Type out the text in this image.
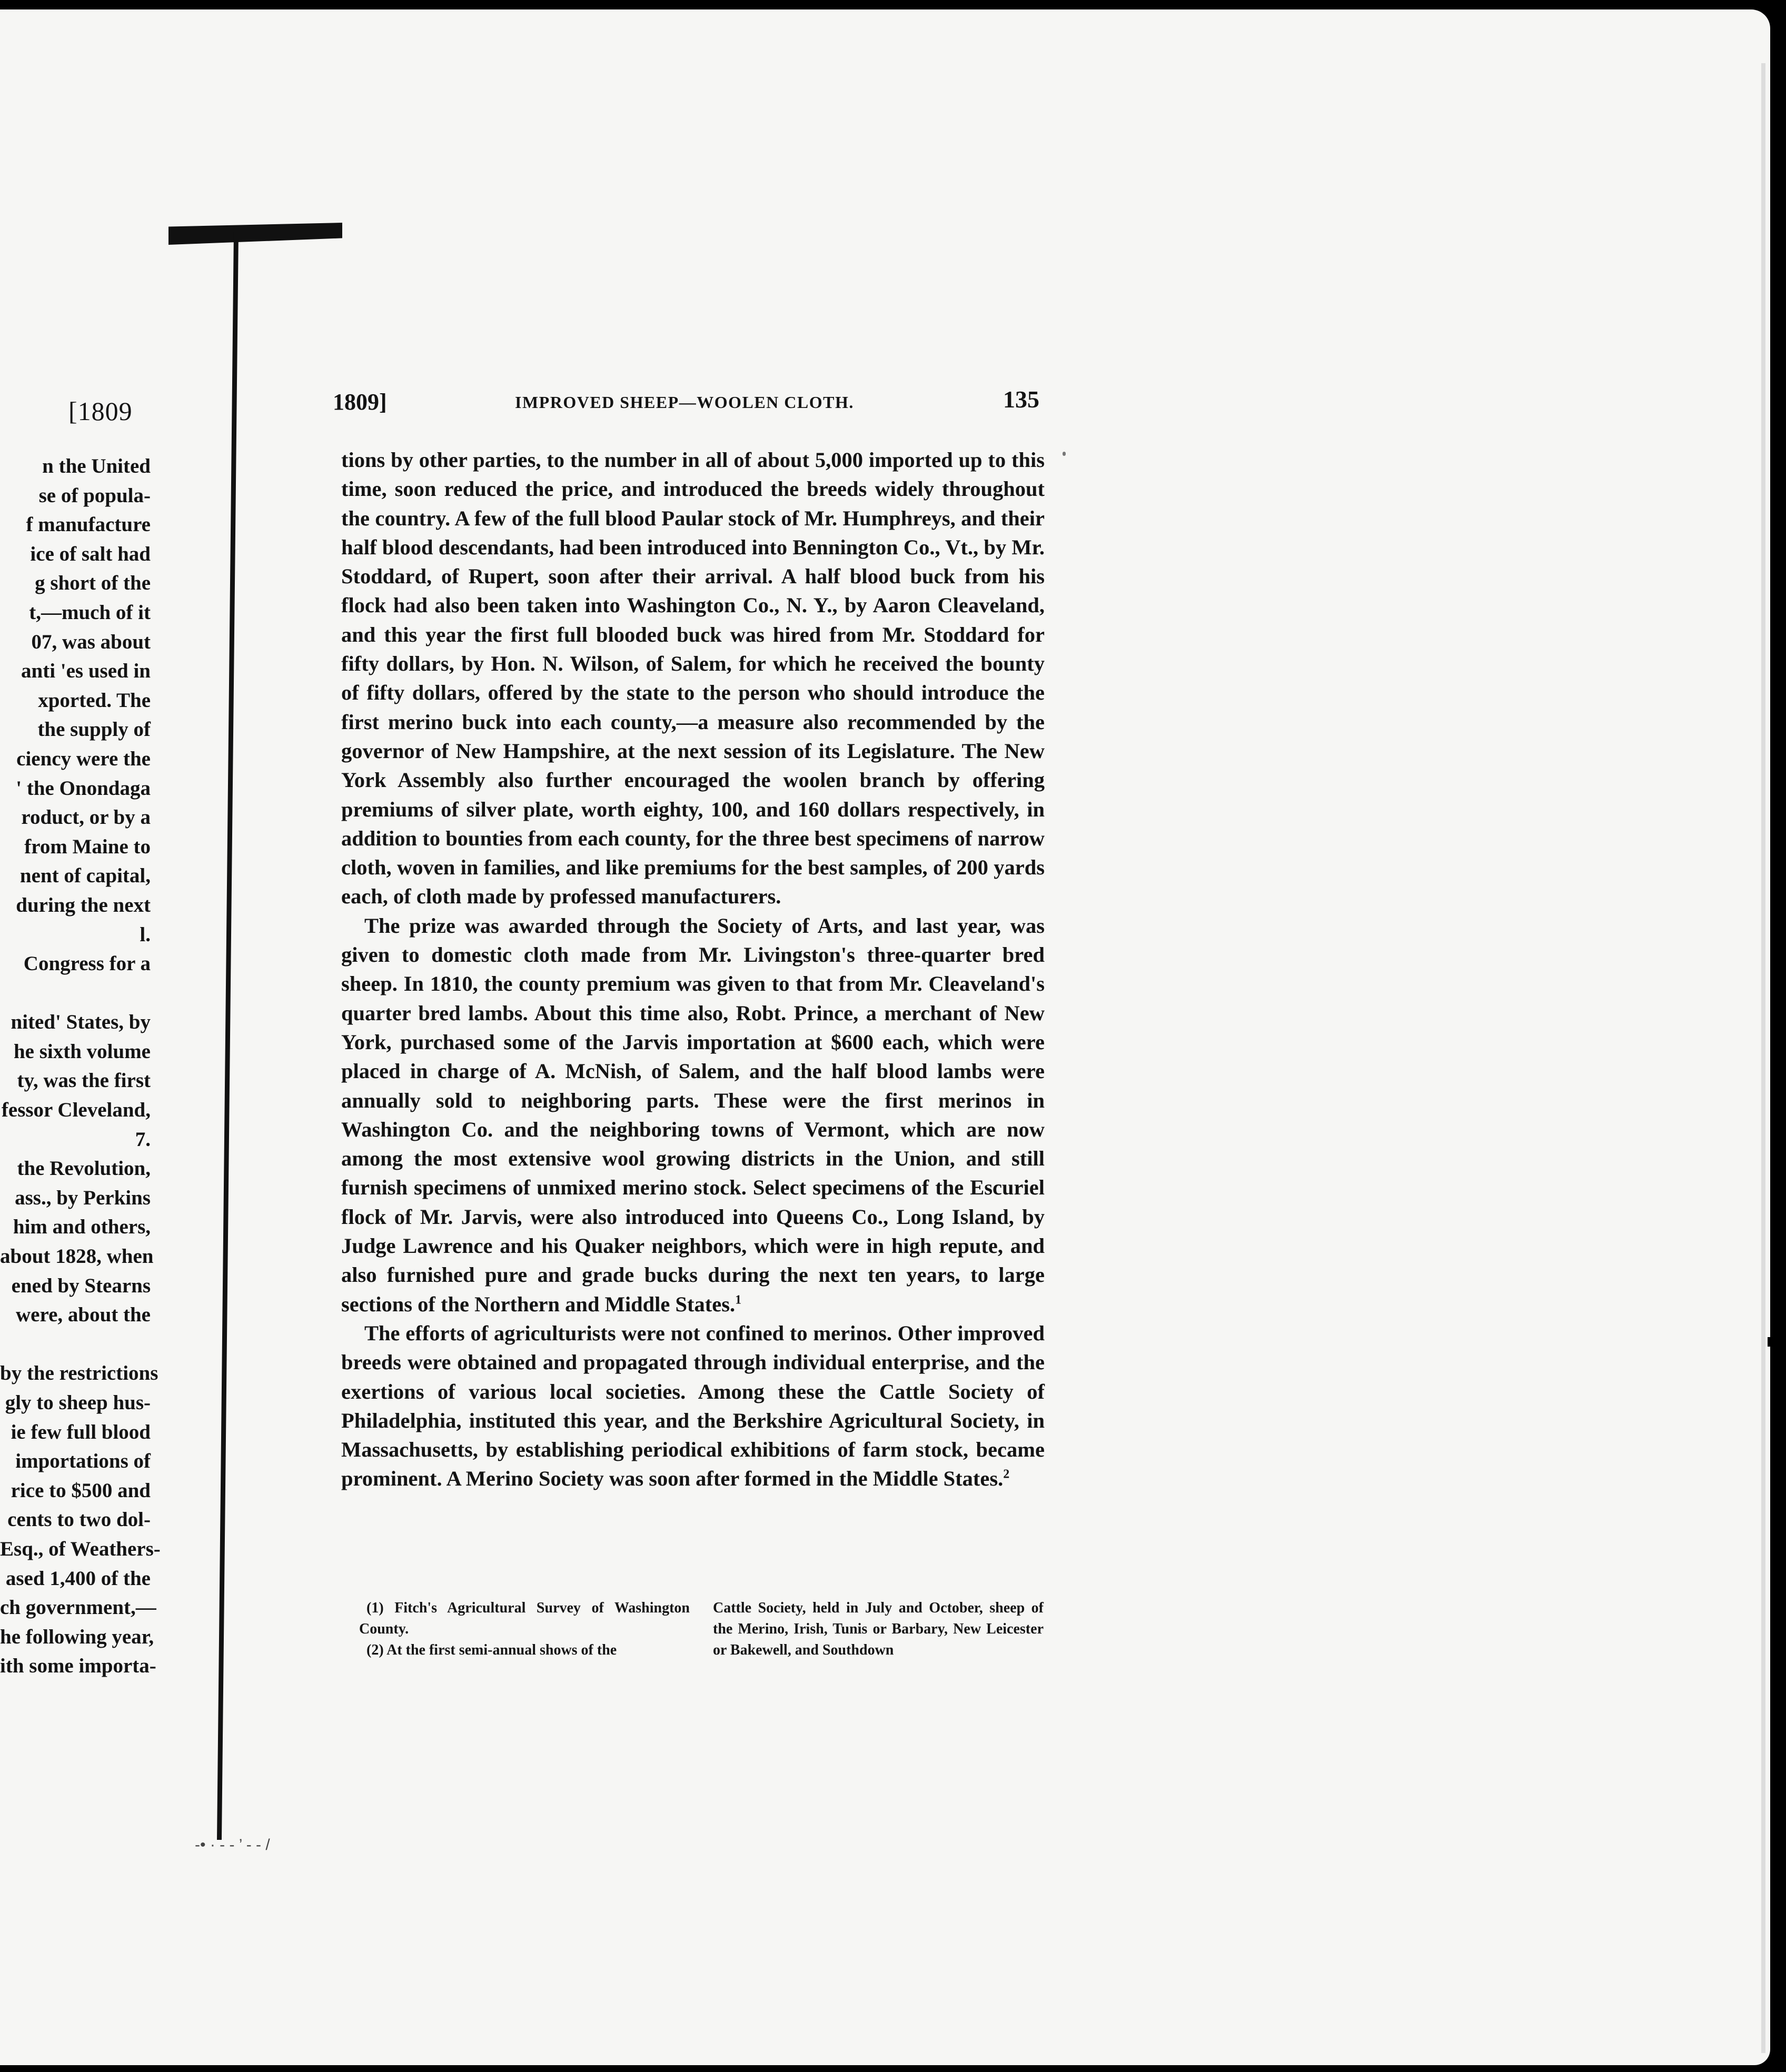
[1809
n the United
se of popula-
f manufacture
ice of salt had
g short of the
t,—much of it
07, was about
anti 'es used in
xported. The
the supply of
ciency were the
' the Onondaga
roduct, or by a
from Maine to
nent of capital,
during the next
l.
Congress for a

nited' States, by
he sixth volume
ty, was the first
fessor Cleveland,
7.
the Revolution,
ass., by Perkins
him and others,
about 1828, when
ened by Stearns
were, about the

by the restrictions
gly to sheep hus-
ie few full blood
importations of
rice to $500 and
cents to two dol-
Esq., of Weathers-
ased 1,400 of the
ch government,—
he following year,
ith some importa-
1809]	IMPROVED SHEEP—WOOLEN CLOTH.	135

tions by other parties, to the number in all of about 5,000 imported up to this time, soon reduced the price, and introduced the breeds widely throughout the country. A few of the full blood Paular stock of Mr. Humphreys, and their half blood descendants, had been introduced into Bennington Co., Vt., by Mr. Stoddard, of Rupert, soon after their arrival. A half blood buck from his flock had also been taken into Washington Co., N. Y., by Aaron Cleaveland, and this year the first full blooded buck was hired from Mr. Stoddard for fifty dollars, by Hon. N. Wilson, of Salem, for which he received the bounty of fifty dollars, offered by the state to the person who should introduce the first merino buck into each county,—a measure also recommended by the governor of New Hampshire, at the next session of its Legislature. The New York Assembly also further encouraged the woolen branch by offering premiums of silver plate, worth eighty, 100, and 160 dollars respectively, in addition to bounties from each county, for the three best specimens of narrow cloth, woven in families, and like premiums for the best samples, of 200 yards each, of cloth made by professed manufacturers.

The prize was awarded through the Society of Arts, and last year, was given to domestic cloth made from Mr. Livingston's three-quarter bred sheep. In 1810, the county premium was given to that from Mr. Cleaveland's quarter bred lambs. About this time also, Robt. Prince, a merchant of New York, purchased some of the Jarvis importation at $600 each, which were placed in charge of A. McNish, of Salem, and the half blood lambs were annually sold to neighboring parts. These were the first merinos in Washington Co. and the neighboring towns of Vermont, which are now among the most extensive wool growing districts in the Union, and still furnish specimens of unmixed merino stock. Select specimens of the Escuriel flock of Mr. Jarvis, were also introduced into Queens Co., Long Island, by Judge Lawrence and his Quaker neighbors, which were in high repute, and also furnished pure and grade bucks during the next ten years, to large sections of the Northern and Middle States.$^1$

The efforts of agriculturists were not confined to merinos. Other improved breeds were obtained and propagated through individual enterprise, and the exertions of various local societies. Among these the Cattle Society of Philadelphia, instituted this year, and the Berkshire Agricultural Society, in Massachusetts, by establishing periodical exhibitions of farm stock, became prominent. A Merino Society was soon after formed in the Middle States.$^2$

(1) Fitch's Agricultural Survey of Washington County.

(2) At the first semi-annual shows of the

Cattle Society, held in July and October, sheep of the Merino, Irish, Tunis or Barbary, New Leicester or Bakewell, and Southdown
